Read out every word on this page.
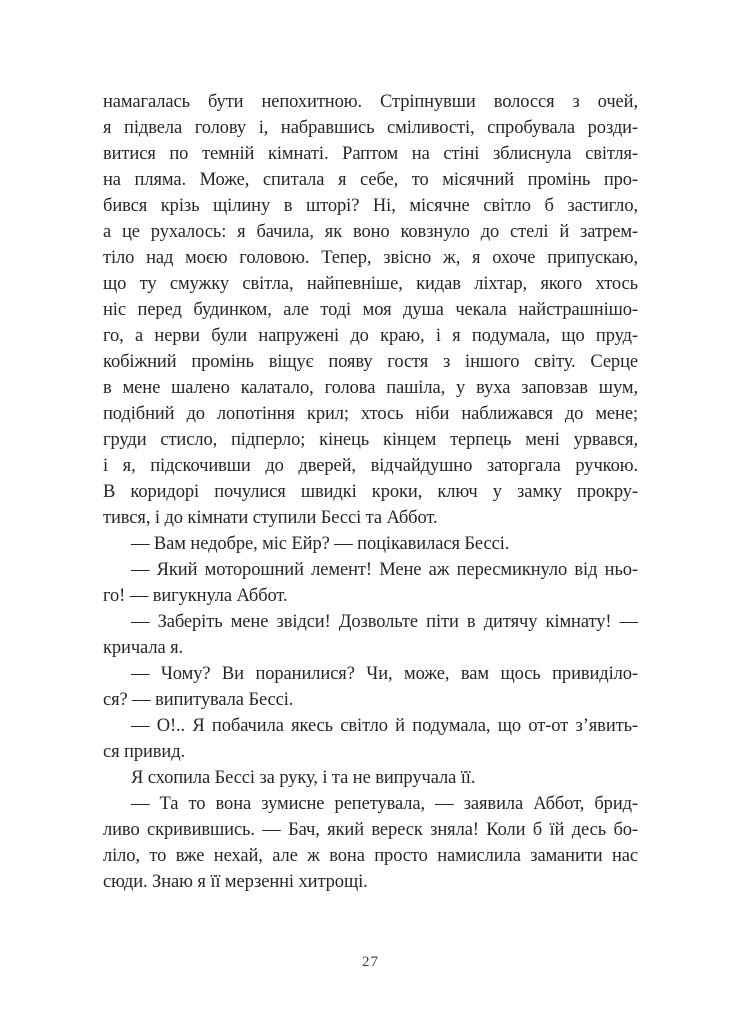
намагалась бути непохитною. Стріпнувши волосся з очей,
я підвела голову і, набравшись сміливості, спробувала розди-
витися по темній кімнаті. Раптом на стіні зблиснула світля-
на пляма. Може, спитала я себе, то місячний промінь про-
бився крізь щілину в шторі? Ні, місячне світло б застигло,
а це рухалось: я бачила, як воно ковзнуло до стелі й затрем-
тіло над моєю головою. Тепер, звісно ж, я охоче припускаю,
що ту смужку світла, найпевніше, кидав ліхтар, якого хтось
ніс перед будинком, але тоді моя душа чекала найстрашнішо-
го, а нерви були напружені до краю, і я подумала, що пруд-
кобіжний промінь віщує появу гостя з іншого світу. Серце
в мене шалено калатало, голова пашіла, у вуха заповзав шум,
подібний до лопотіння крил; хтось ніби наближався до мене;
груди стисло, підперло; кінець кінцем терпець мені урвався,
і я, підскочивши до дверей, відчайдушно заторгала ручкою.
В коридорі почулися швидкі кроки, ключ у замку прокру-
тився, і до кімнати ступили Бессі та Аббот.
— Вам недобре, міс Ейр? — поцікавилася Бессі.
— Який моторошний лемент! Мене аж пересмикнуло від ньо-
го! — вигукнула Аббот.
— Заберіть мене звідси! Дозвольте піти в дитячу кімнату! —
кричала я.
— Чому? Ви поранилися? Чи, може, вам щось привиділо-
ся? — випитувала Бессі.
— О!.. Я побачила якесь світло й подумала, що от-от з’явить-
ся привид.
Я схопила Бессі за руку, і та не випручала її.
— Та то вона зумисне репетувала, — заявила Аббот, брид-
ливо скривившись. — Бач, який вереск зняла! Коли б їй десь бо-
ліло, то вже нехай, але ж вона просто намислила заманити нас
сюди. Знаю я її мерзенні хитрощі.
27
